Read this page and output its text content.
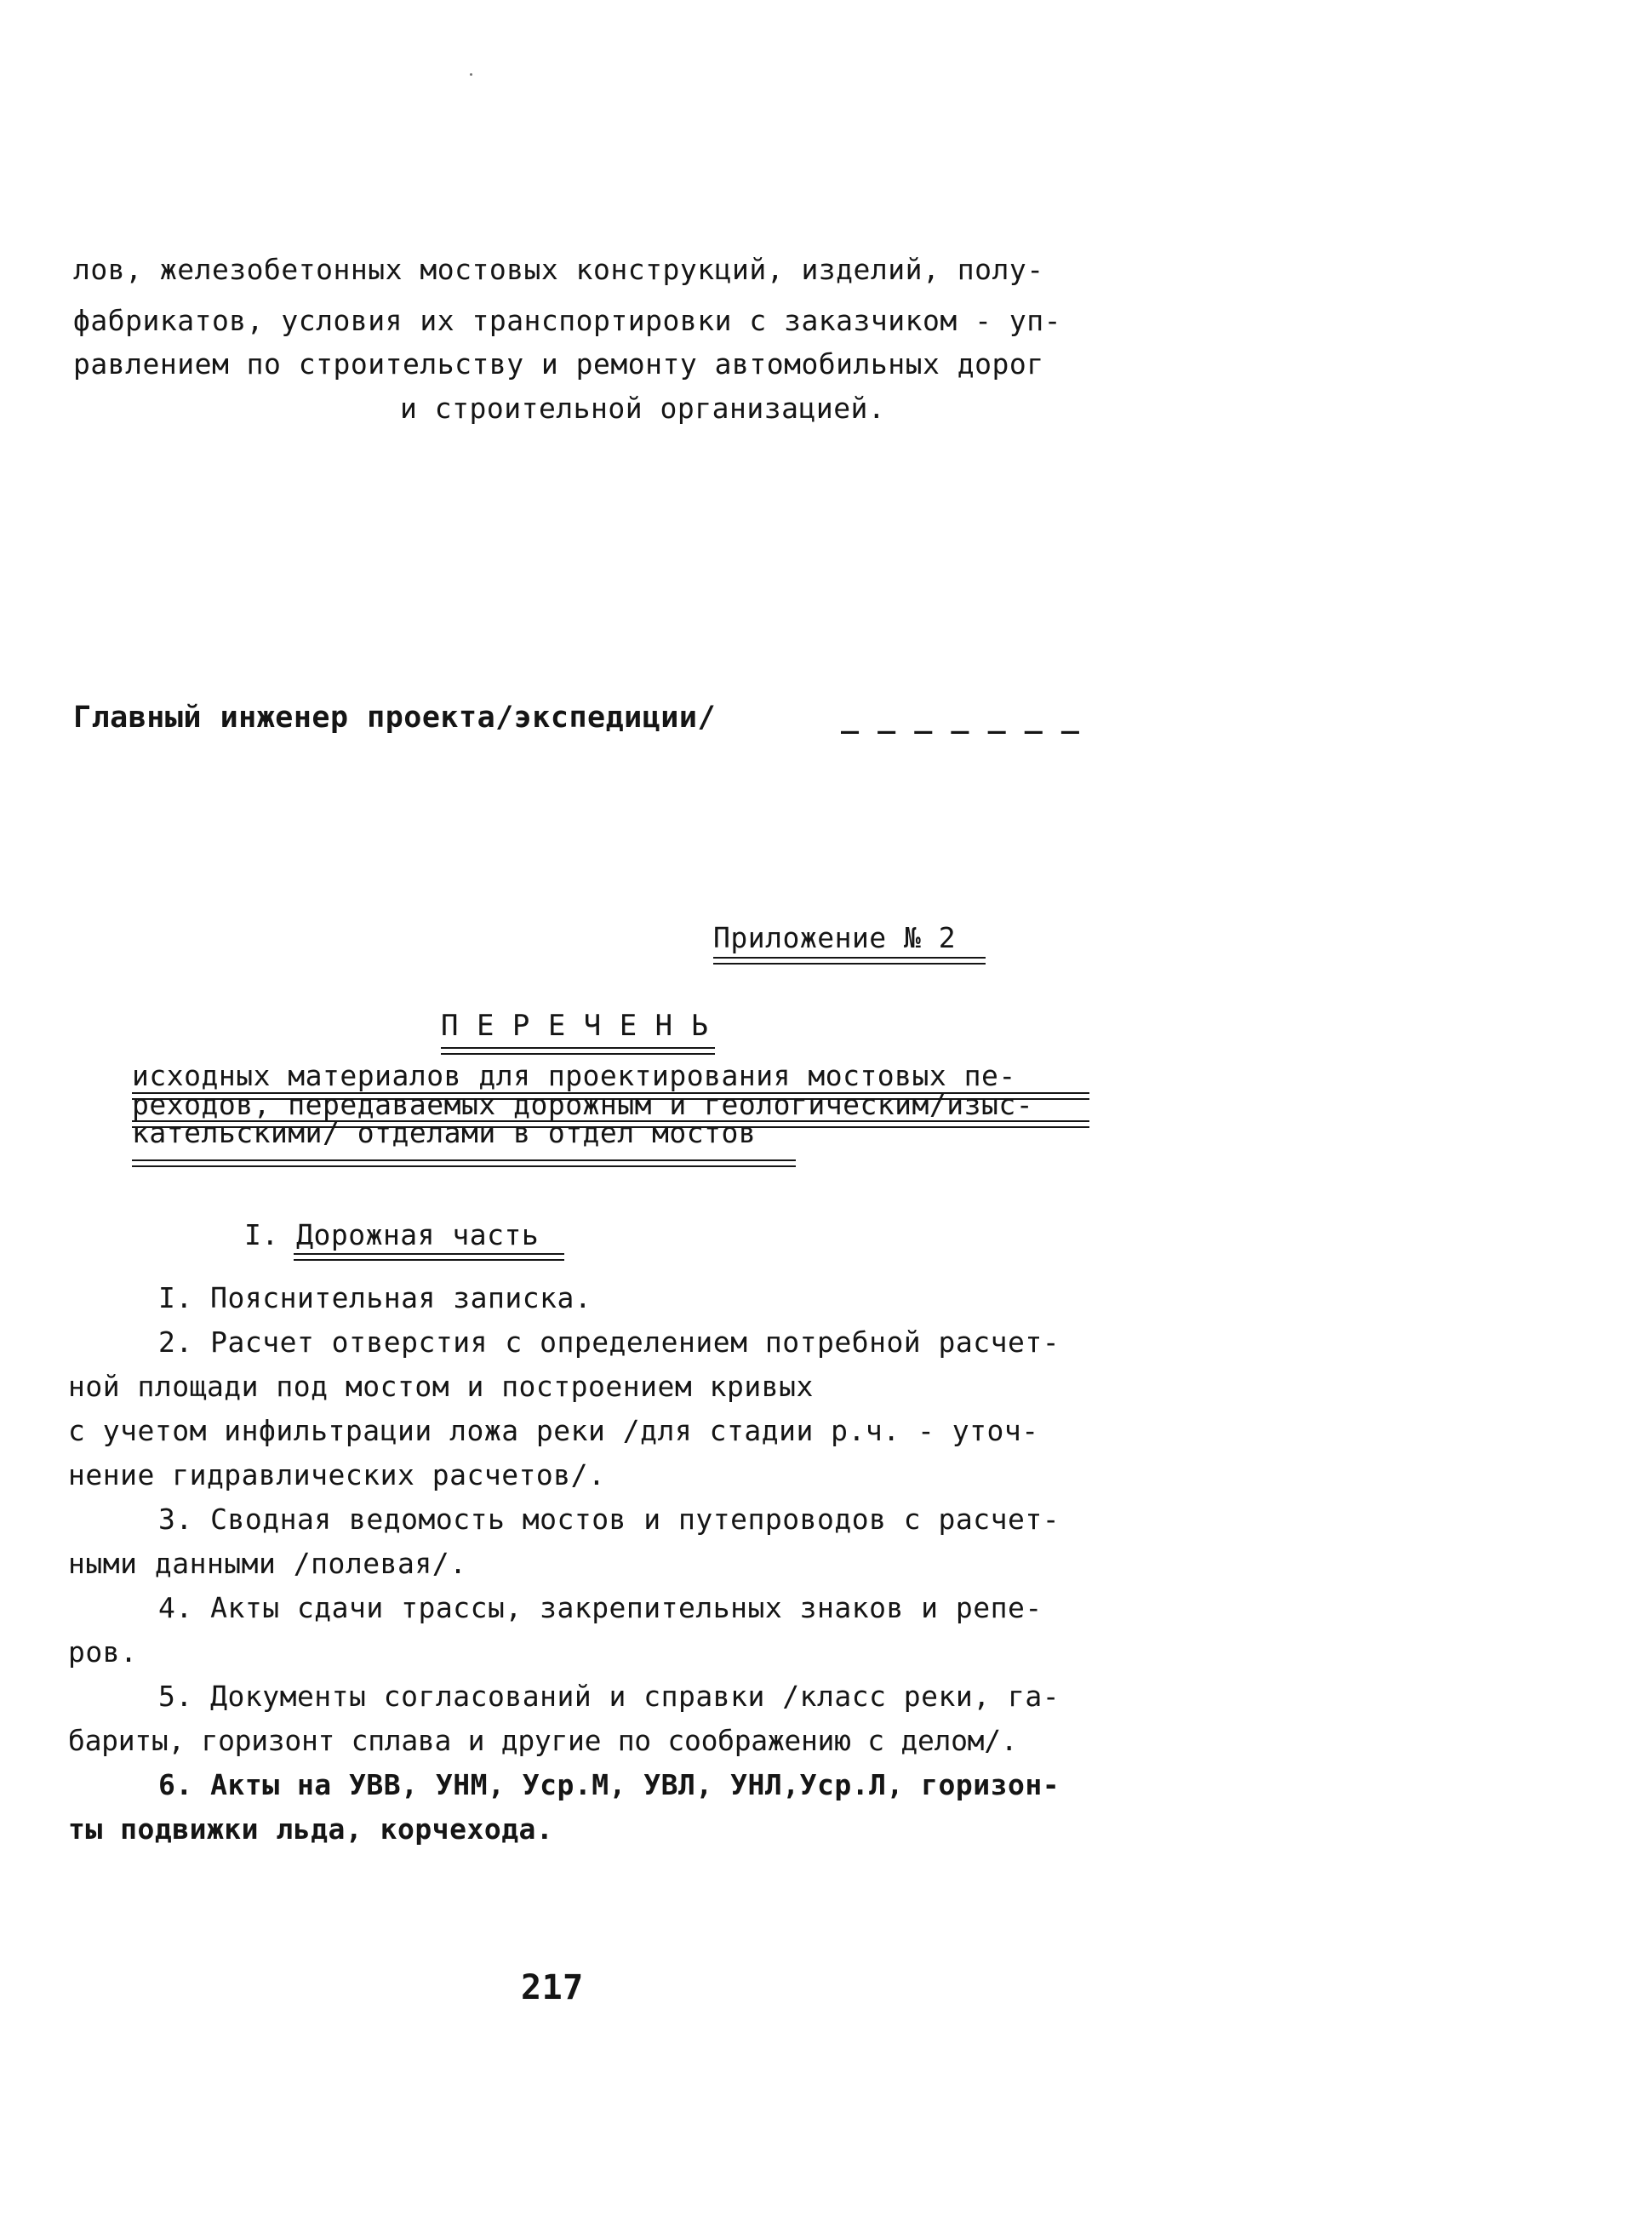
лов, железобетонных мостовых конструкций, изделий, полу-
фабрикатов, условия их транспортировки с заказчиком - уп-
равлением по строительству и ремонту автомобильных дорог
и строительной организацией.
Главный инженер проекта/экспедиции/	_ _ _ _ _ _ _
Приложение № 2
П Е Р Е Ч Е Н Ь
исходных материалов для проектирования мостовых пе-
реходов, передаваемых дорожным и геологическим/изыс-
кательскими/ отделами в отдел мостов
I. Дорожная часть
I. Пояснительная записка.
2. Расчет отверстия с определением потребной расчет-
ной площади под мостом и построением кривых
с учетом инфильтрации ложа реки /для стадии р.ч. - уточ-
нение гидравлических расчетов/.
3. Сводная ведомость мостов и путепроводов с расчет-
ными данными /полевая/.
4. Акты сдачи трассы, закрепительных знаков и репе-
ров.
5. Документы согласований и справки /класс реки, га-
бариты, горизонт сплава и другие по соображению с делом/.
6. Акты на УВВ, УНМ, Уср.М, УВЛ, УНЛ,Уср.Л, горизон-
ты подвижки льда, корчехода.
217
